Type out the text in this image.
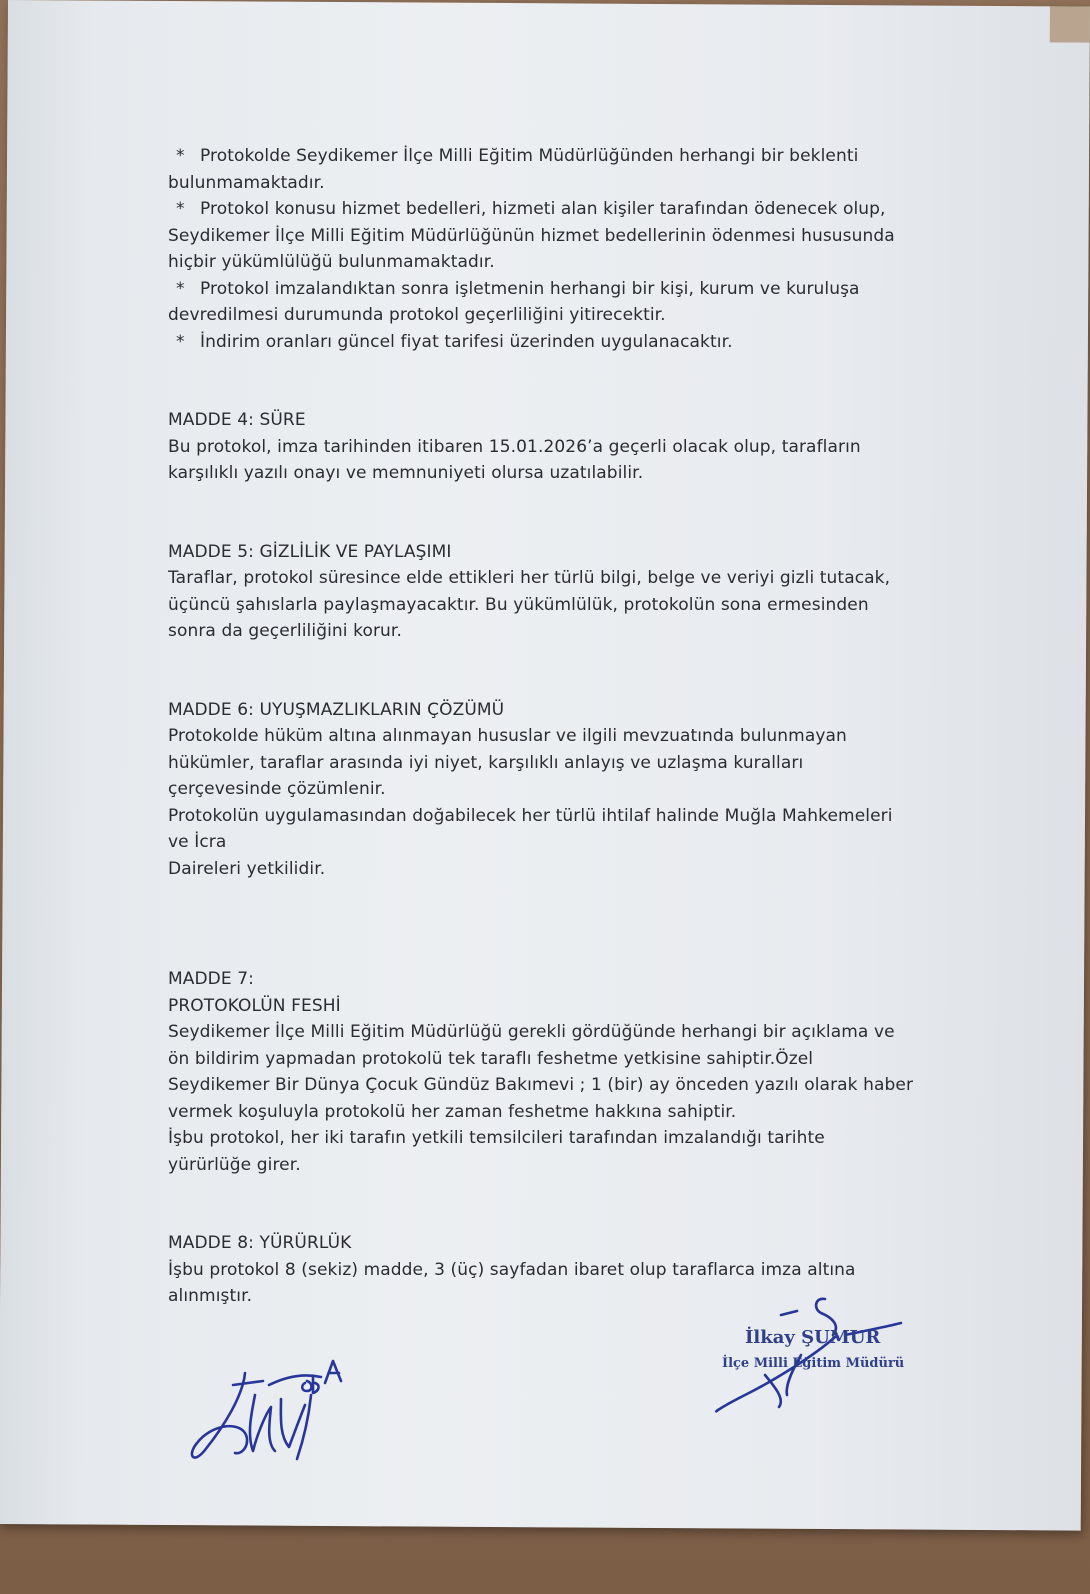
* Protokolde Seydikemer İlçe Milli Eğitim Müdürlüğünden herhangi bir beklenti

bulunmamaktadır.

* Protokol konusu hizmet bedelleri, hizmeti alan kişiler tarafından ödenecek olup,

Seydikemer İlçe Milli Eğitim Müdürlüğünün hizmet bedellerinin ödenmesi hususunda

hiçbir yükümlülüğü bulunmamaktadır.

* Protokol imzalandıktan sonra işletmenin herhangi bir kişi, kurum ve kuruluşa

devredilmesi durumunda protokol geçerliliğini yitirecektir.

* İndirim oranları güncel fiyat tarifesi üzerinden uygulanacaktır.

MADDE 4: SÜRE

Bu protokol, imza tarihinden itibaren 15.01.2026’a geçerli olacak olup, tarafların

karşılıklı yazılı onayı ve memnuniyeti olursa uzatılabilir.

MADDE 5: GİZLİLİK VE PAYLAŞIMI

Taraflar, protokol süresince elde ettikleri her türlü bilgi, belge ve veriyi gizli tutacak,

üçüncü şahıslarla paylaşmayacaktır. Bu yükümlülük, protokolün sona ermesinden

sonra da geçerliliğini korur.

MADDE 6: UYUŞMAZLIKLARIN ÇÖZÜMÜ

Protokolde hüküm altına alınmayan hususlar ve ilgili mevzuatında bulunmayan

hükümler, taraflar arasında iyi niyet, karşılıklı anlayış ve uzlaşma kuralları

çerçevesinde çözümlenir.

Protokolün uygulamasından doğabilecek her türlü ihtilaf halinde Muğla Mahkemeleri

ve İcra

Daireleri yetkilidir.

MADDE 7:

PROTOKOLÜN FESHİ

Seydikemer İlçe Milli Eğitim Müdürlüğü gerekli gördüğünde herhangi bir açıklama ve

ön bildirim yapmadan protokolü tek taraflı feshetme yetkisine sahiptir.Özel

Seydikemer Bir Dünya Çocuk Gündüz Bakımevi ; 1 (bir) ay önceden yazılı olarak haber

vermek koşuluyla protokolü her zaman feshetme hakkına sahiptir.

İşbu protokol, her iki tarafın yetkili temsilcileri tarafından imzalandığı tarihte

yürürlüğe girer.

MADDE 8: YÜRÜRLÜK

İşbu protokol 8 (sekiz) madde, 3 (üç) sayfadan ibaret olup taraflarca imza altına

alınmıştır.

İlkay ŞUMUR
İlçe Milli Eğitim Müdürü
